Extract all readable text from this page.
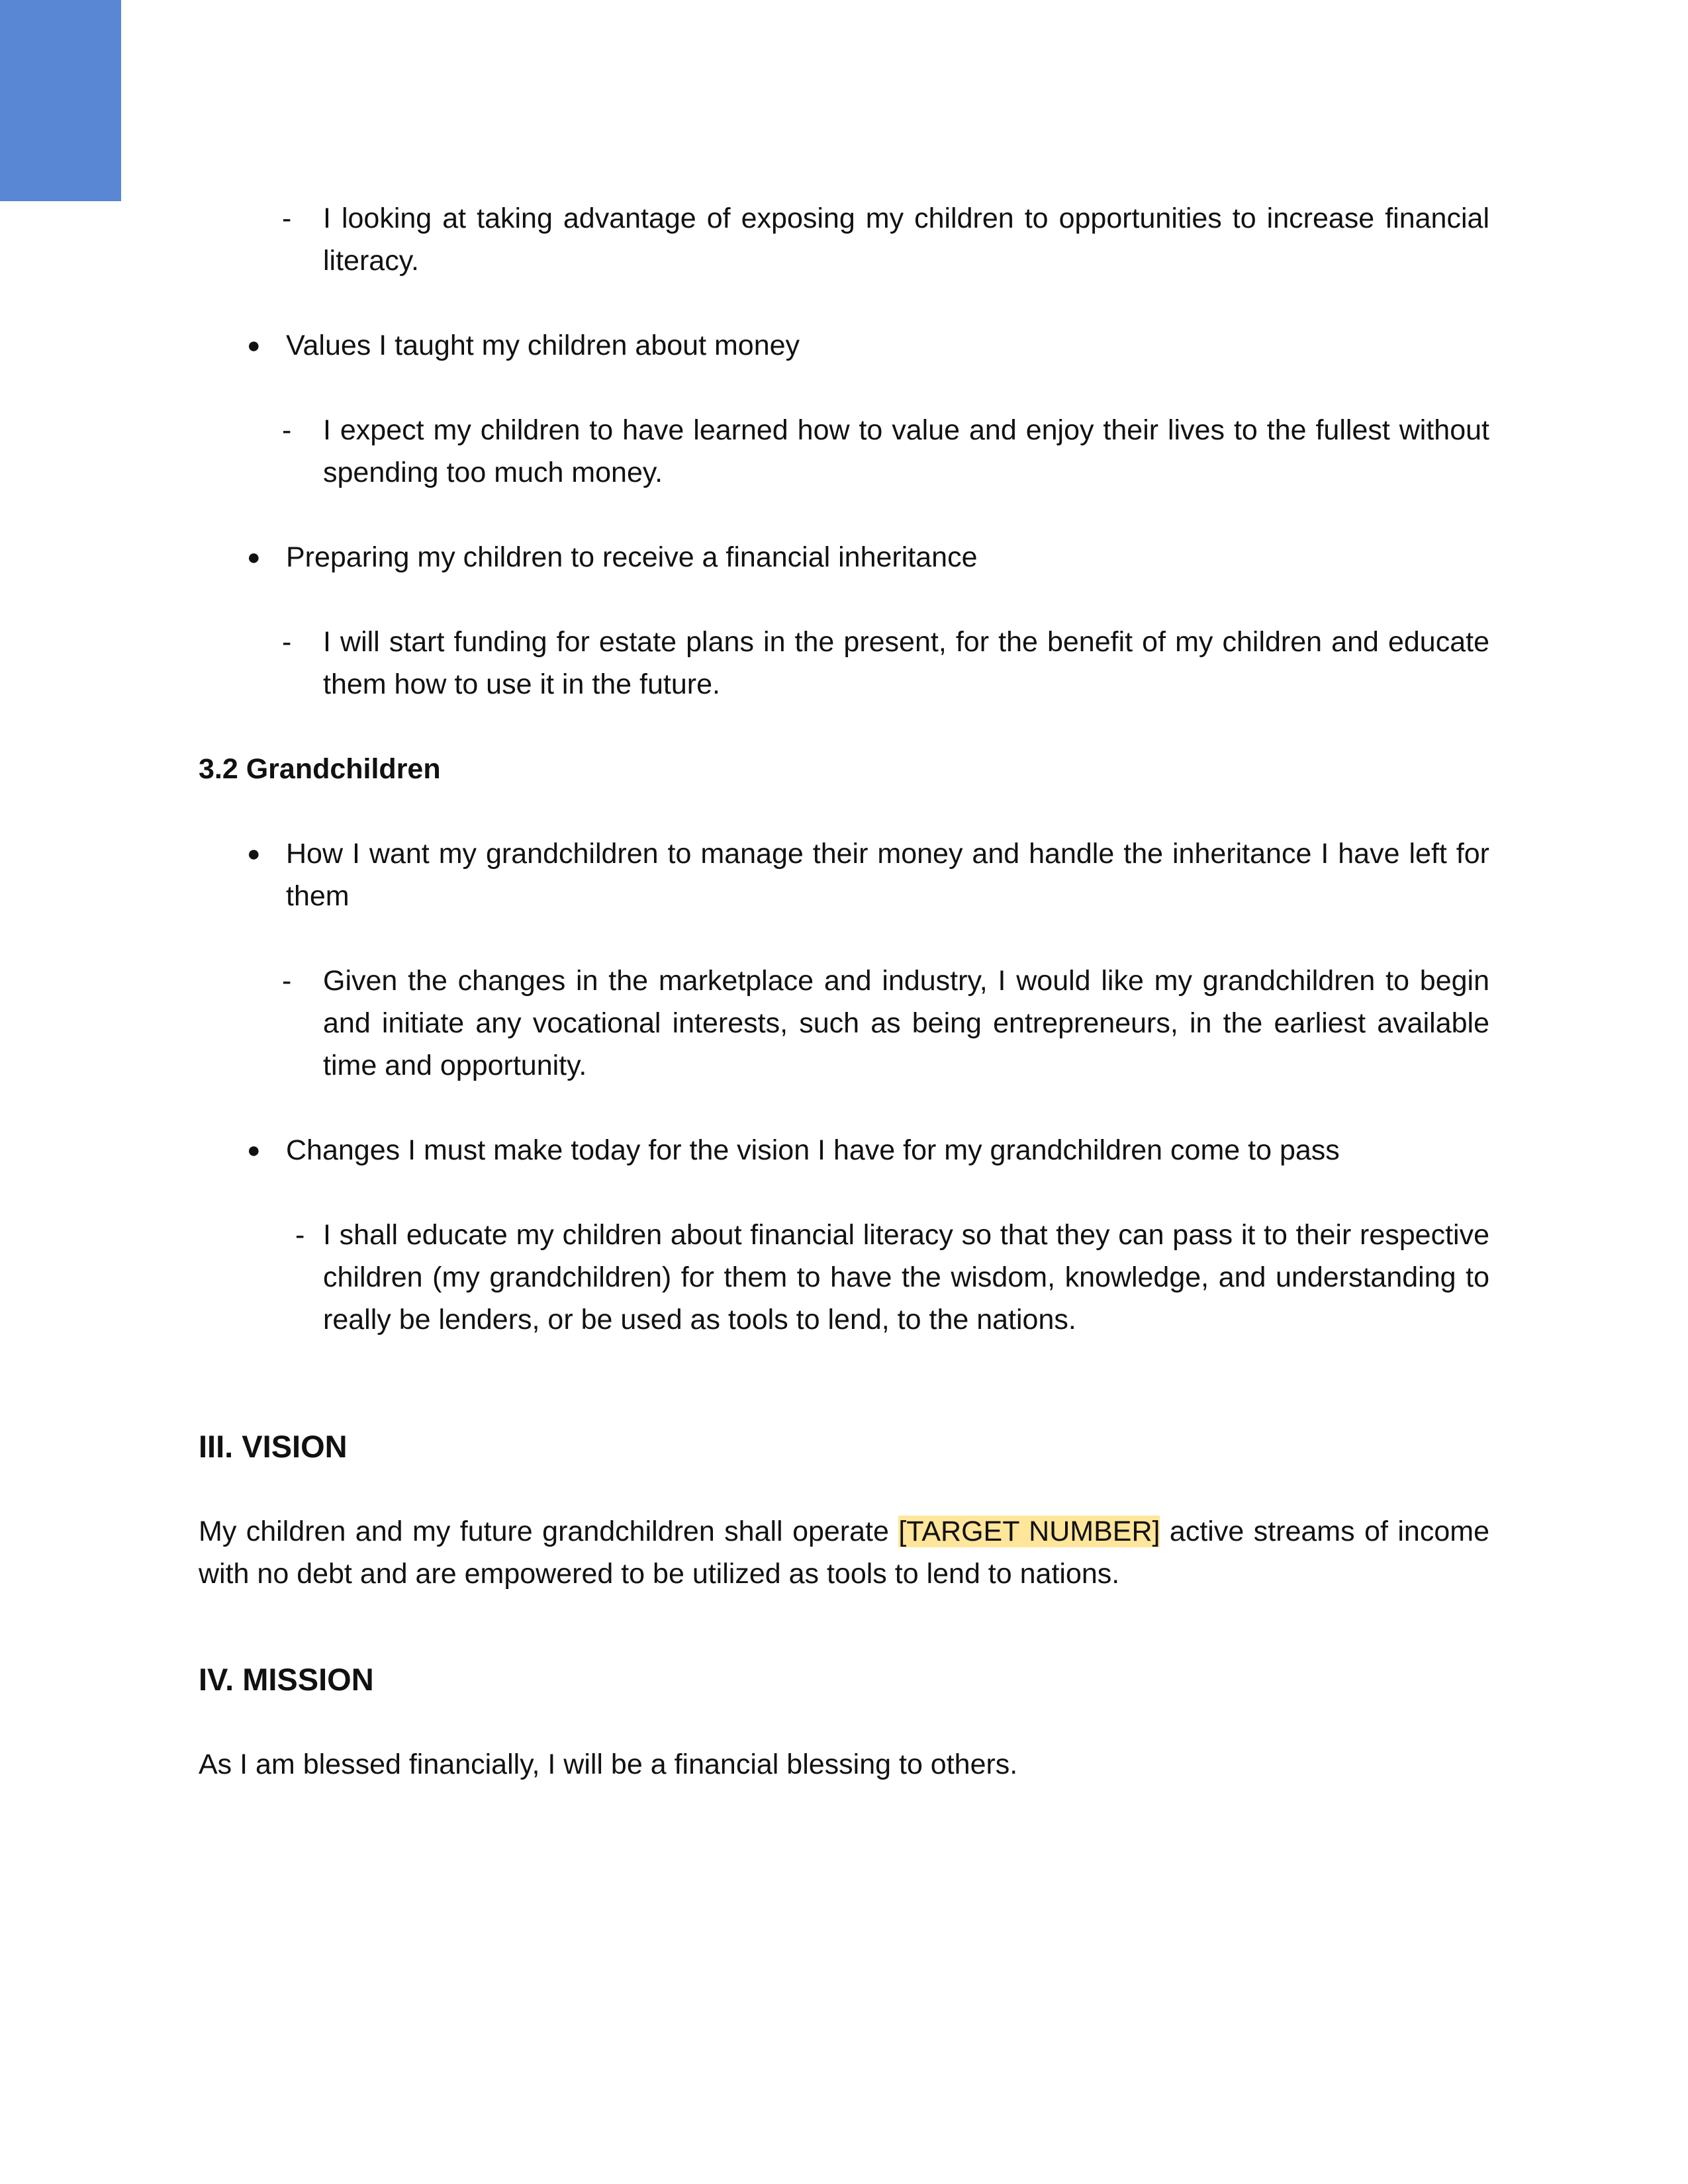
- I looking at taking advantage of exposing my children to opportunities to increase financial literacy.
● Values I taught my children about money
- I expect my children to have learned how to value and enjoy their lives to the fullest without spending too much money.
● Preparing my children to receive a financial inheritance
- I will start funding for estate plans in the present, for the benefit of my children and educate them how to use it in the future.
3.2 Grandchildren
● How I want my grandchildren to manage their money and handle the inheritance I have left for them
- Given the changes in the marketplace and industry, I would like my grandchildren to begin and initiate any vocational interests, such as being entrepreneurs, in the earliest available time and opportunity.
● Changes I must make today for the vision I have for my grandchildren come to pass
- I shall educate my children about financial literacy so that they can pass it to their respective children (my grandchildren) for them to have the wisdom, knowledge, and understanding to really be lenders, or be used as tools to lend, to the nations.
III. VISION
My children and my future grandchildren shall operate [TARGET NUMBER] active streams of income with no debt and are empowered to be utilized as tools to lend to nations.
IV. MISSION
As I am blessed financially, I will be a financial blessing to others.
